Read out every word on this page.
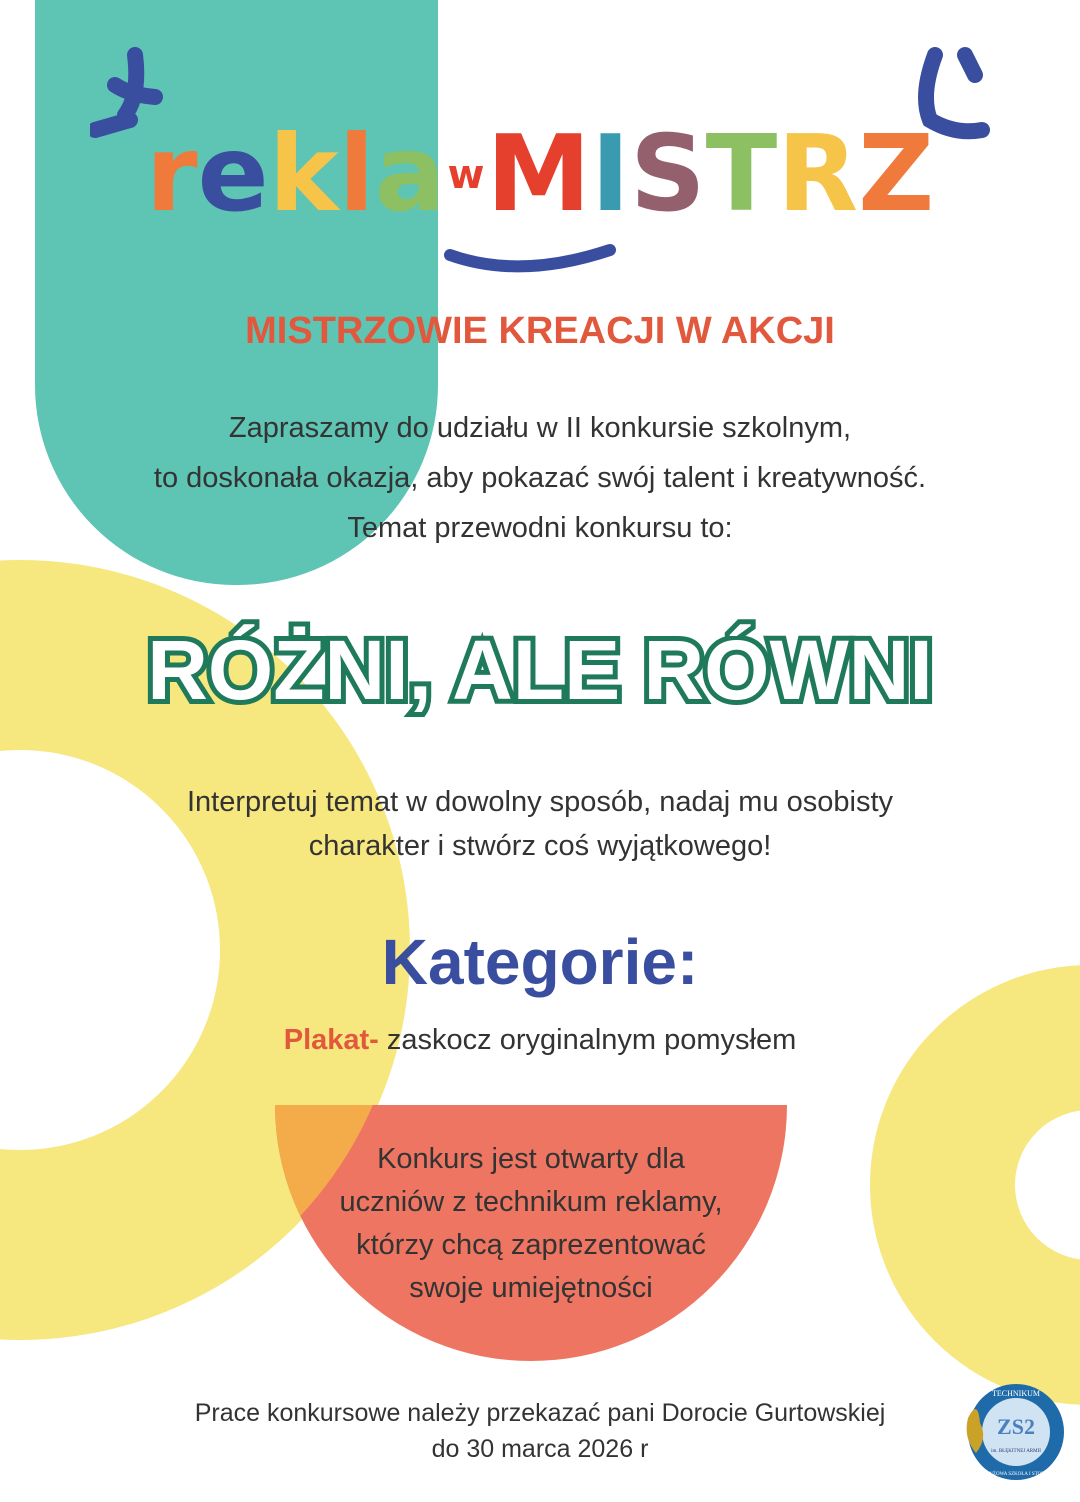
rekla w MISTRZ
MISTRZOWIE KREACJI W AKCJI
Zapraszamy do udziału w II konkursie szkolnym,
to doskonała okazja, aby pokazać swój talent i kreatywność.
Temat przewodni konkursu to:
RÓŻNI, ALE RÓWNI
Interpretuj temat w dowolny sposób, nadaj mu osobisty
charakter i stwórz coś wyjątkowego!
Kategorie:
Plakat- zaskocz oryginalnym pomysłem
Konkurs jest otwarty dla
uczniów z technikum reklamy,
którzy chcą zaprezentować
swoje umiejętności
Prace konkursowe należy przekazać pani Dorocie Gurtowskiej
do 30 marca 2026 r
TECHNIKUM
ZS2
im. BŁĘKITNEJ ARMII
BRANŻOWA SZKOŁA I STOPNIA
